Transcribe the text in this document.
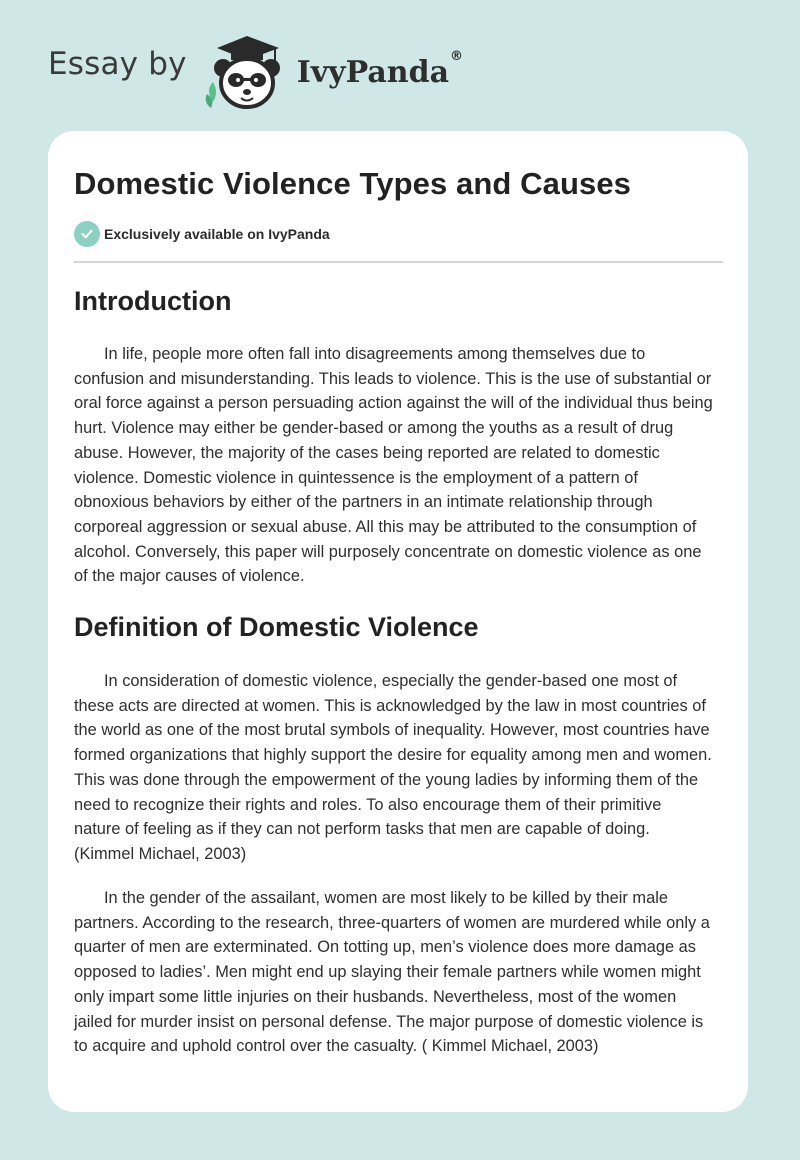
Essay by	IvyPanda ®
Domestic Violence Types and Causes
Exclusively available on IvyPanda
Introduction

In life, people more often fall into disagreements among themselves due to
confusion and misunderstanding. This leads to violence. This is the use of substantial or
oral force against a person persuading action against the will of the individual thus being
hurt. Violence may either be gender-based or among the youths as a result of drug
abuse. However, the majority of the cases being reported are related to domestic
violence. Domestic violence in quintessence is the employment of a pattern of
obnoxious behaviors by either of the partners in an intimate relationship through
corporeal aggression or sexual abuse. All this may be attributed to the consumption of
alcohol. Conversely, this paper will purposely concentrate on domestic violence as one
of the major causes of violence.

Definition of Domestic Violence

In consideration of domestic violence, especially the gender-based one most of
these acts are directed at women. This is acknowledged by the law in most countries of
the world as one of the most brutal symbols of inequality. However, most countries have
formed organizations that highly support the desire for equality among men and women.
This was done through the empowerment of the young ladies by informing them of the
need to recognize their rights and roles. To also encourage them of their primitive
nature of feeling as if they can not perform tasks that men are capable of doing.
(Kimmel Michael, 2003)

In the gender of the assailant, women are most likely to be killed by their male
partners. According to the research, three-quarters of women are murdered while only a
quarter of men are exterminated. On totting up, men’s violence does more damage as
opposed to ladies’. Men might end up slaying their female partners while women might
only impart some little injuries on their husbands. Nevertheless, most of the women
jailed for murder insist on personal defense. The major purpose of domestic violence is
to acquire and uphold control over the casualty. ( Kimmel Michael, 2003)
